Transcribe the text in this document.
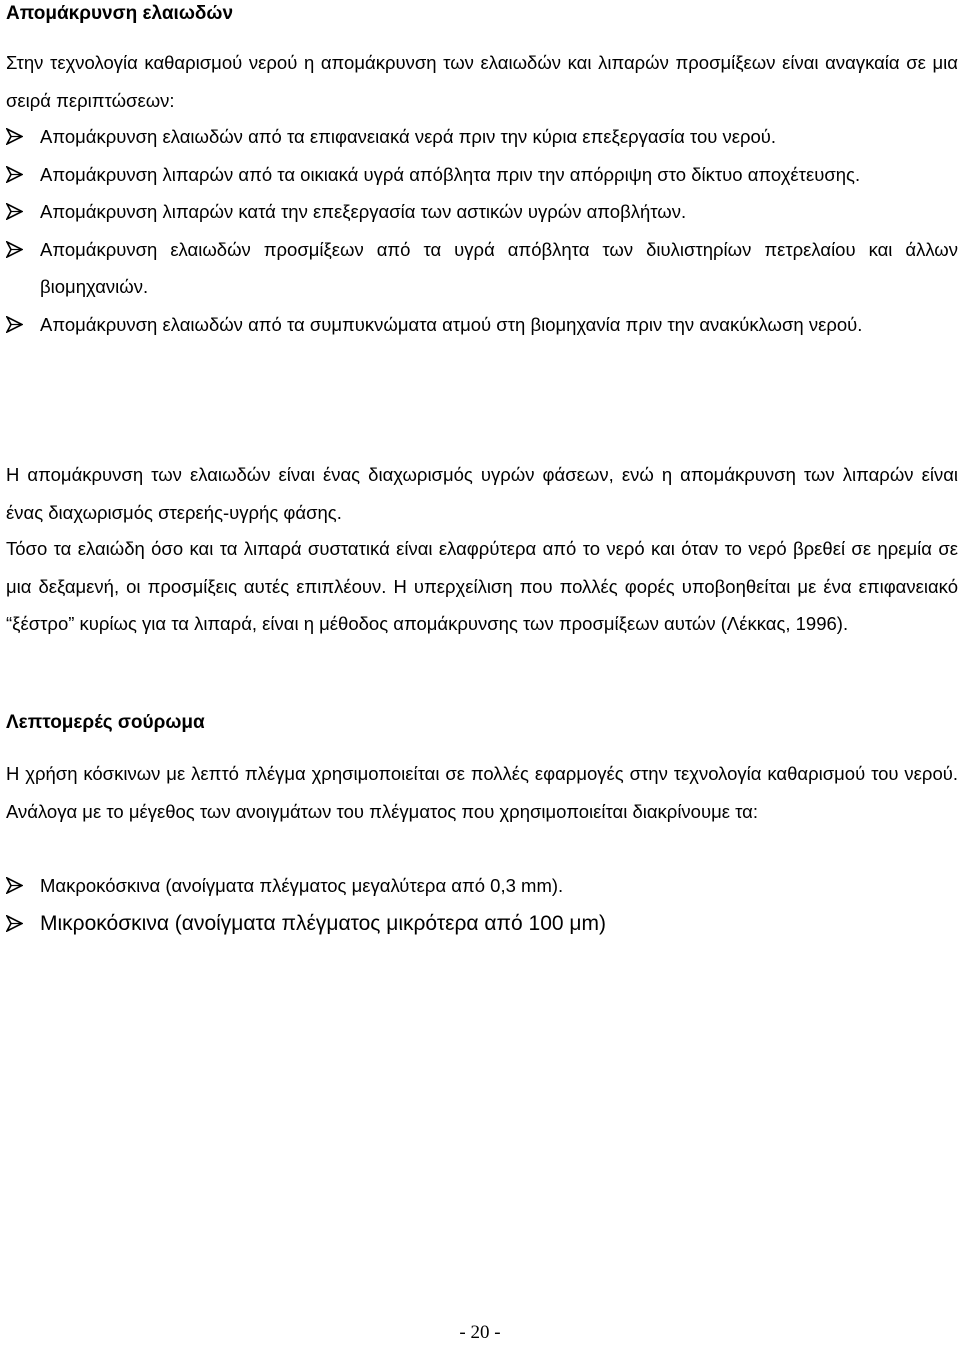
Απομάκρυνση ελαιωδών

Στην τεχνολογία καθαρισμού νερού η απομάκρυνση των ελαιωδών και λιπαρών προσμίξεων είναι αναγκαία σε μια σειρά περιπτώσεων:

Απομάκρυνση ελαιωδών από τα επιφανειακά νερά πριν την κύρια επεξεργασία του νερού.
Απομάκρυνση λιπαρών από τα οικιακά υγρά απόβλητα πριν την απόρριψη στο δίκτυο αποχέτευσης.
Απομάκρυνση λιπαρών κατά την επεξεργασία των αστικών υγρών αποβλήτων.
Απομάκρυνση ελαιωδών προσμίξεων από τα υγρά απόβλητα των διυλιστηρίων πετρελαίου και άλλων βιομηχανιών.
Απομάκρυνση ελαιωδών από τα συμπυκνώματα ατμού στη βιομηχανία πριν την ανακύκλωση νερού.

Η απομάκρυνση των ελαιωδών είναι ένας διαχωρισμός υγρών φάσεων, ενώ η απομάκρυνση των λιπαρών είναι ένας διαχωρισμός στερεής-υγρής φάσης.

Τόσο τα ελαιώδη όσο και τα λιπαρά συστατικά είναι ελαφρύτερα από το νερό και όταν το νερό βρεθεί σε ηρεμία σε μια δεξαμενή, οι προσμίξεις αυτές επιπλέουν. Η υπερχείλιση που πολλές φορές υποβοηθείται με ένα επιφανειακό “ξέστρο” κυρίως για τα λιπαρά, είναι η μέθοδος απομάκρυνσης των προσμίξεων αυτών (Λέκκας, 1996).

Λεπτομερές σούρωμα

Η χρήση κόσκινων με λεπτό πλέγμα χρησιμοποιείται σε πολλές εφαρμογές στην τεχνολογία καθαρισμού του νερού. Ανάλογα με το μέγεθος των ανοιγμάτων του πλέγματος που χρησιμοποιείται διακρίνουμε τα:

Μακροκόσκινα (ανοίγματα πλέγματος μεγαλύτερα από 0,3 mm).
Μικροκόσκινα (ανοίγματα πλέγματος μικρότερα από 100 μm)
- 20 -
